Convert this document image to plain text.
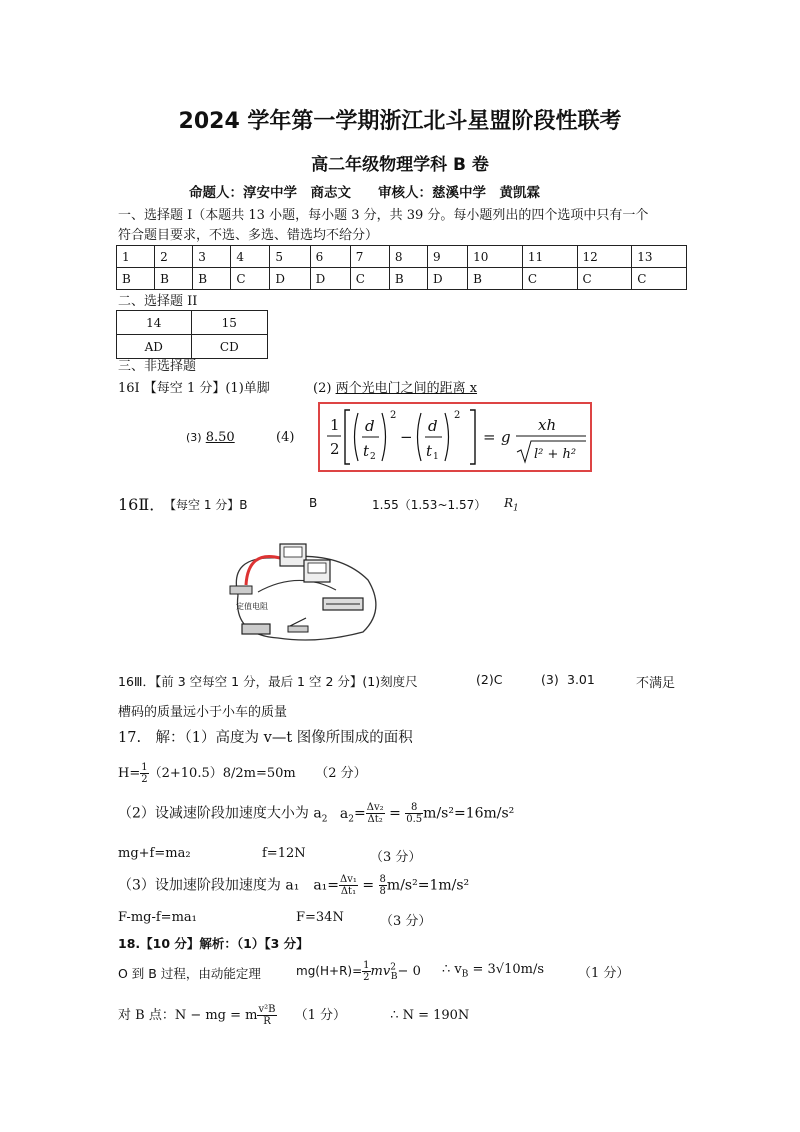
2024 学年第一学期浙江北斗星盟阶段性联考
高二年级物理学科 B 卷
命题人：淳安中学　商志文　　审核人：慈溪中学　黄凯霖
一、选择题 I（本题共 13 小题，每小题 3 分，共 39 分。每小题列出的四个选项中只有一个
符合题目要求，不选、多选、错选均不给分）
1	2	3	4	5	6	7	8	9	10	11	12	13
B	B	B	C	D	D	C	B	D	B	C	C	C
二、选择题 II
14	15
AD	CD
三、非选择题
16I 【每空 1 分】(1)单脚	(2) 两个光电门之间的距离 x
(3) 8.50	(4)
1
2
d
t 2
2
−
d
t 1
2
= g
xh
l² + h²
16Ⅱ．
【每空 1 分】B	B	1.55（1.53~1.57） $R_1$
定值电阻
16Ⅲ．【前 3 空每空 1 分，最后 1 空 2 分】(1)刻度尺	(2)C	(3) 3.01	不满足
槽码的质量远小于小车的质量
17.　解：（1）高度为 v—t 图像所围成的面积
$H= \frac{1}{2} (2+10.5)8/2m=50m$　　（2 分）
（2）设减速阶段加速度大小为 $a_2$ $a_2= \frac{\text{Δv₂}}{\text{Δt₂}} = \frac{8}{0.5} m/s^2=16m/s^2$
mg+f=ma₂	f=12N	（3 分）
（3）设加速阶段加速度为 a₁　$a_1= \frac{\text{Δv₁}}{\text{Δt₁}} = \frac{8}{8} m/s^2=1m/s^2$
F-mg-f=ma₁	F=34N	（3 分）
18.【10 分】解析：（1）【3 分】
O 到 B 过程，由动能定理	$mg(H+R)= \frac{1}{2} mv^2_B- 0$ ∴ $v_B = 3√10m/s$	（1 分）
对 B 点：N − mg = m $\frac{\text{v²B}}{R} (1$ 分）	∴ N = 190N
